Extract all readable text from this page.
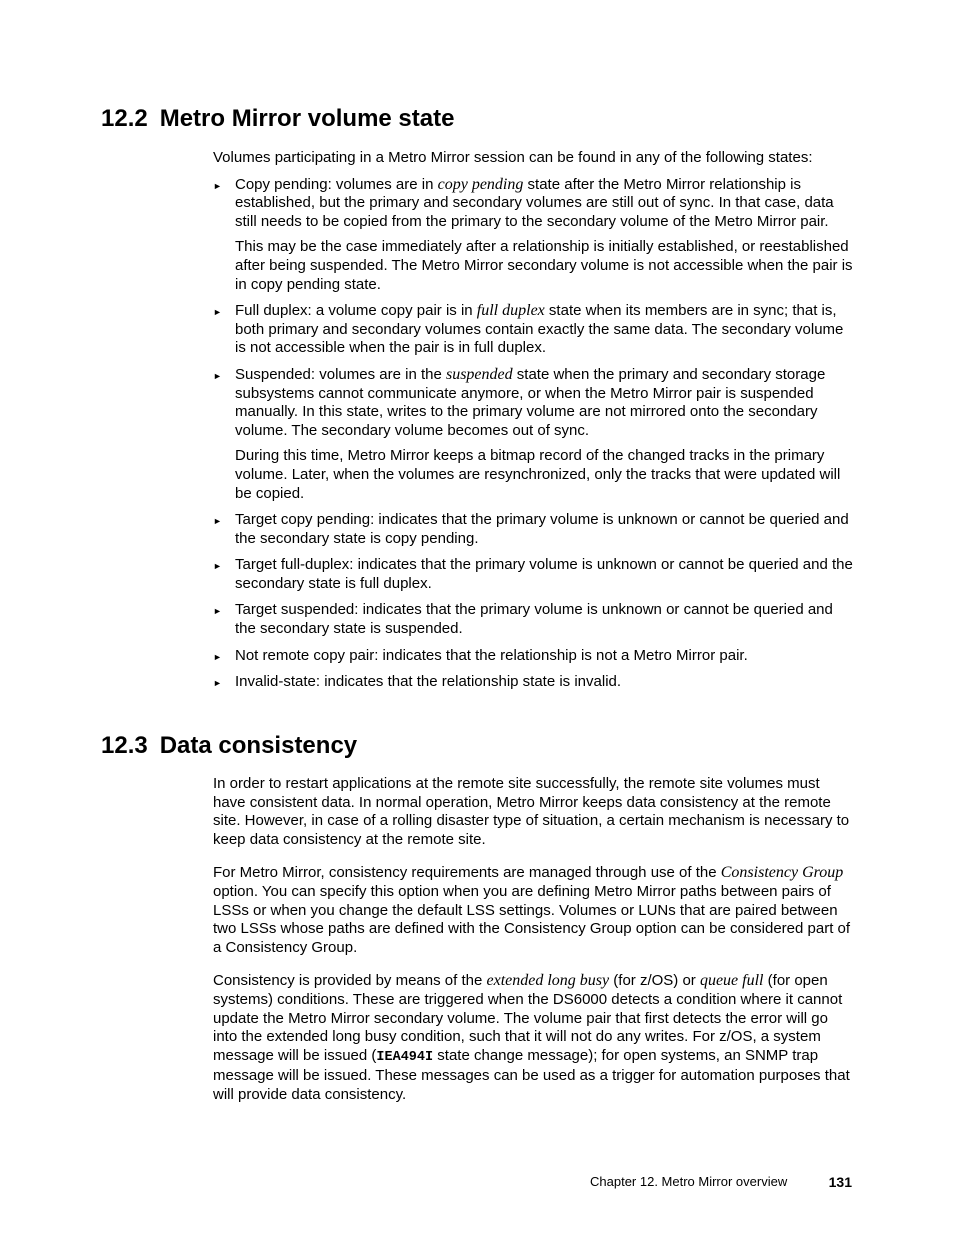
12.2 Metro Mirror volume state

Volumes participating in a Metro Mirror session can be found in any of the following states:

► Copy pending: volumes are in copy pending state after the Metro Mirror relationship is established, but the primary and secondary volumes are still out of sync. In that case, data still needs to be copied from the primary to the secondary volume of the Metro Mirror pair.
This may be the case immediately after a relationship is initially established, or reestablished after being suspended. The Metro Mirror secondary volume is not accessible when the pair is in copy pending state.
► Full duplex: a volume copy pair is in full duplex state when its members are in sync; that is, both primary and secondary volumes contain exactly the same data. The secondary volume is not accessible when the pair is in full duplex.
► Suspended: volumes are in the suspended state when the primary and secondary storage subsystems cannot communicate anymore, or when the Metro Mirror pair is suspended manually. In this state, writes to the primary volume are not mirrored onto the secondary volume. The secondary volume becomes out of sync.
During this time, Metro Mirror keeps a bitmap record of the changed tracks in the primary volume. Later, when the volumes are resynchronized, only the tracks that were updated will be copied.
► Target copy pending: indicates that the primary volume is unknown or cannot be queried and the secondary state is copy pending.
► Target full-duplex: indicates that the primary volume is unknown or cannot be queried and the secondary state is full duplex.
► Target suspended: indicates that the primary volume is unknown or cannot be queried and the secondary state is suspended.
► Not remote copy pair: indicates that the relationship is not a Metro Mirror pair.
► Invalid-state: indicates that the relationship state is invalid.
12.3 Data consistency

In order to restart applications at the remote site successfully, the remote site volumes must have consistent data. In normal operation, Metro Mirror keeps data consistency at the remote site. However, in case of a rolling disaster type of situation, a certain mechanism is necessary to keep data consistency at the remote site.

For Metro Mirror, consistency requirements are managed through use of the Consistency Group option. You can specify this option when you are defining Metro Mirror paths between pairs of LSSs or when you change the default LSS settings. Volumes or LUNs that are paired between two LSSs whose paths are defined with the Consistency Group option can be considered part of a Consistency Group.

Consistency is provided by means of the extended long busy (for z/OS) or queue full (for open systems) conditions. These are triggered when the DS6000 detects a condition where it cannot update the Metro Mirror secondary volume. The volume pair that first detects the error will go into the extended long busy condition, such that it will not do any writes. For z/OS, a system message will be issued (IEA494I state change message); for open systems, an SNMP trap message will be issued. These messages can be used as a trigger for automation purposes that will provide data consistency.

Chapter 12. Metro Mirror overview	131
